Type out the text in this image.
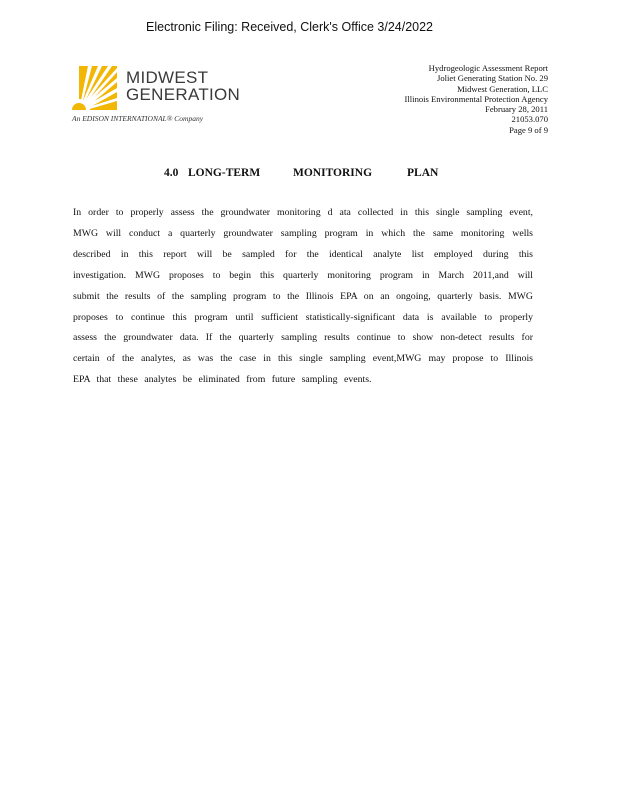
Electronic Filing: Received, Clerk's Office 3/24/2022
MIDWEST
GENERATION
An EDISON INTERNATIONAL® Company
Hydrogeologic Assessment Report
Joliet Generating Station No. 29
Midwest Generation, LLC
Illinois Environmental Protection Agency
February 28, 2011
21053.070
Page 9 of 9
4.0 LONG-TERM	MONITORING	PLAN
In order to properly assess the groundwater monitoring d ata collected in this single sampling event, MWG will conduct a quarterly groundwater sampling program in which the same monitoring wells described in this report will be sampled for the identical analyte list employed during this investigation. MWG proposes to begin this quarterly monitoring program in March 2011,and will submit the results of the sampling program to the Illinois EPA on an ongoing, quarterly basis. MWG proposes to continue this program until sufficient statistically-significant data is available to properly assess the groundwater data. If the quarterly sampling results continue to show non-detect results for certain of the analytes, as was the case in this single sampling event,MWG may propose to Illinois EPA that these analytes be eliminated from future sampling events.
